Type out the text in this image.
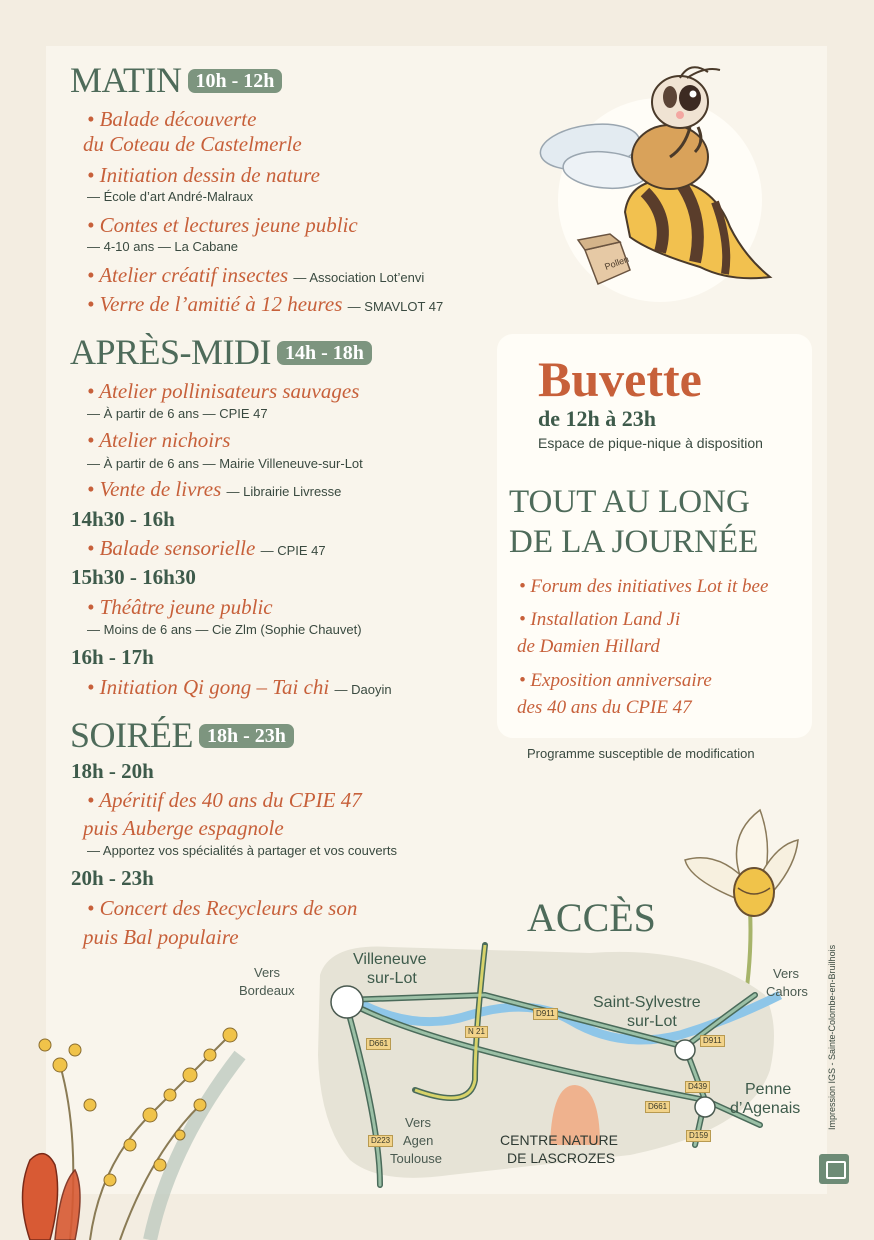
MATIN 10h - 12h
• Balade découverte
du Coteau de Castelmerle
• Initiation dessin de nature
— École d’art André-Malraux
• Contes et lectures jeune public
— 4-10 ans — La Cabane
• Atelier créatif insectes — Association Lot’envi
• Verre de l’amitié à 12 heures — SMAVLOT 47
APRÈS-MIDI 14h - 18h
• Atelier pollinisateurs sauvages
— À partir de 6 ans — CPIE 47
• Atelier nichoirs
— À partir de 6 ans — Mairie Villeneuve-sur-Lot
• Vente de livres — Librairie Livresse
14h30 - 16h
• Balade sensorielle — CPIE 47
15h30 - 16h30
• Théâtre jeune public
— Moins de 6 ans — Cie Zlm (Sophie Chauvet)
16h - 17h
• Initiation Qi gong – Tai chi — Daoyin
SOIRÉE 18h - 23h
18h - 20h
• Apéritif des 40 ans du CPIE 47
puis Auberge espagnole
— Apportez vos spécialités à partager et vos couverts
20h - 23h
• Concert des Recycleurs de son
puis Bal populaire
Pollen
Buvette
de 12h à 23h
Espace de pique-nique à disposition
TOUT AU LONG
DE LA JOURNÉE
• Forum des initiatives Lot it bee
• Installation Land Ji
de Damien Hillard
• Exposition anniversaire
des 40 ans du CPIE 47
Programme susceptible de modification
ACCÈS
Villeneuve
sur-Lot
Saint-Sylvestre
sur-Lot
Penne
d’Agenais
Vers
Bordeaux
Vers
Cahors
Vers
Agen
Toulouse
D911
D911
D661
D661
N 21
D439
D159
D223	CENTRE NATURE
DE LASCROZES
Impression IGS - Sainte-Colombe-en-Bruilhois
